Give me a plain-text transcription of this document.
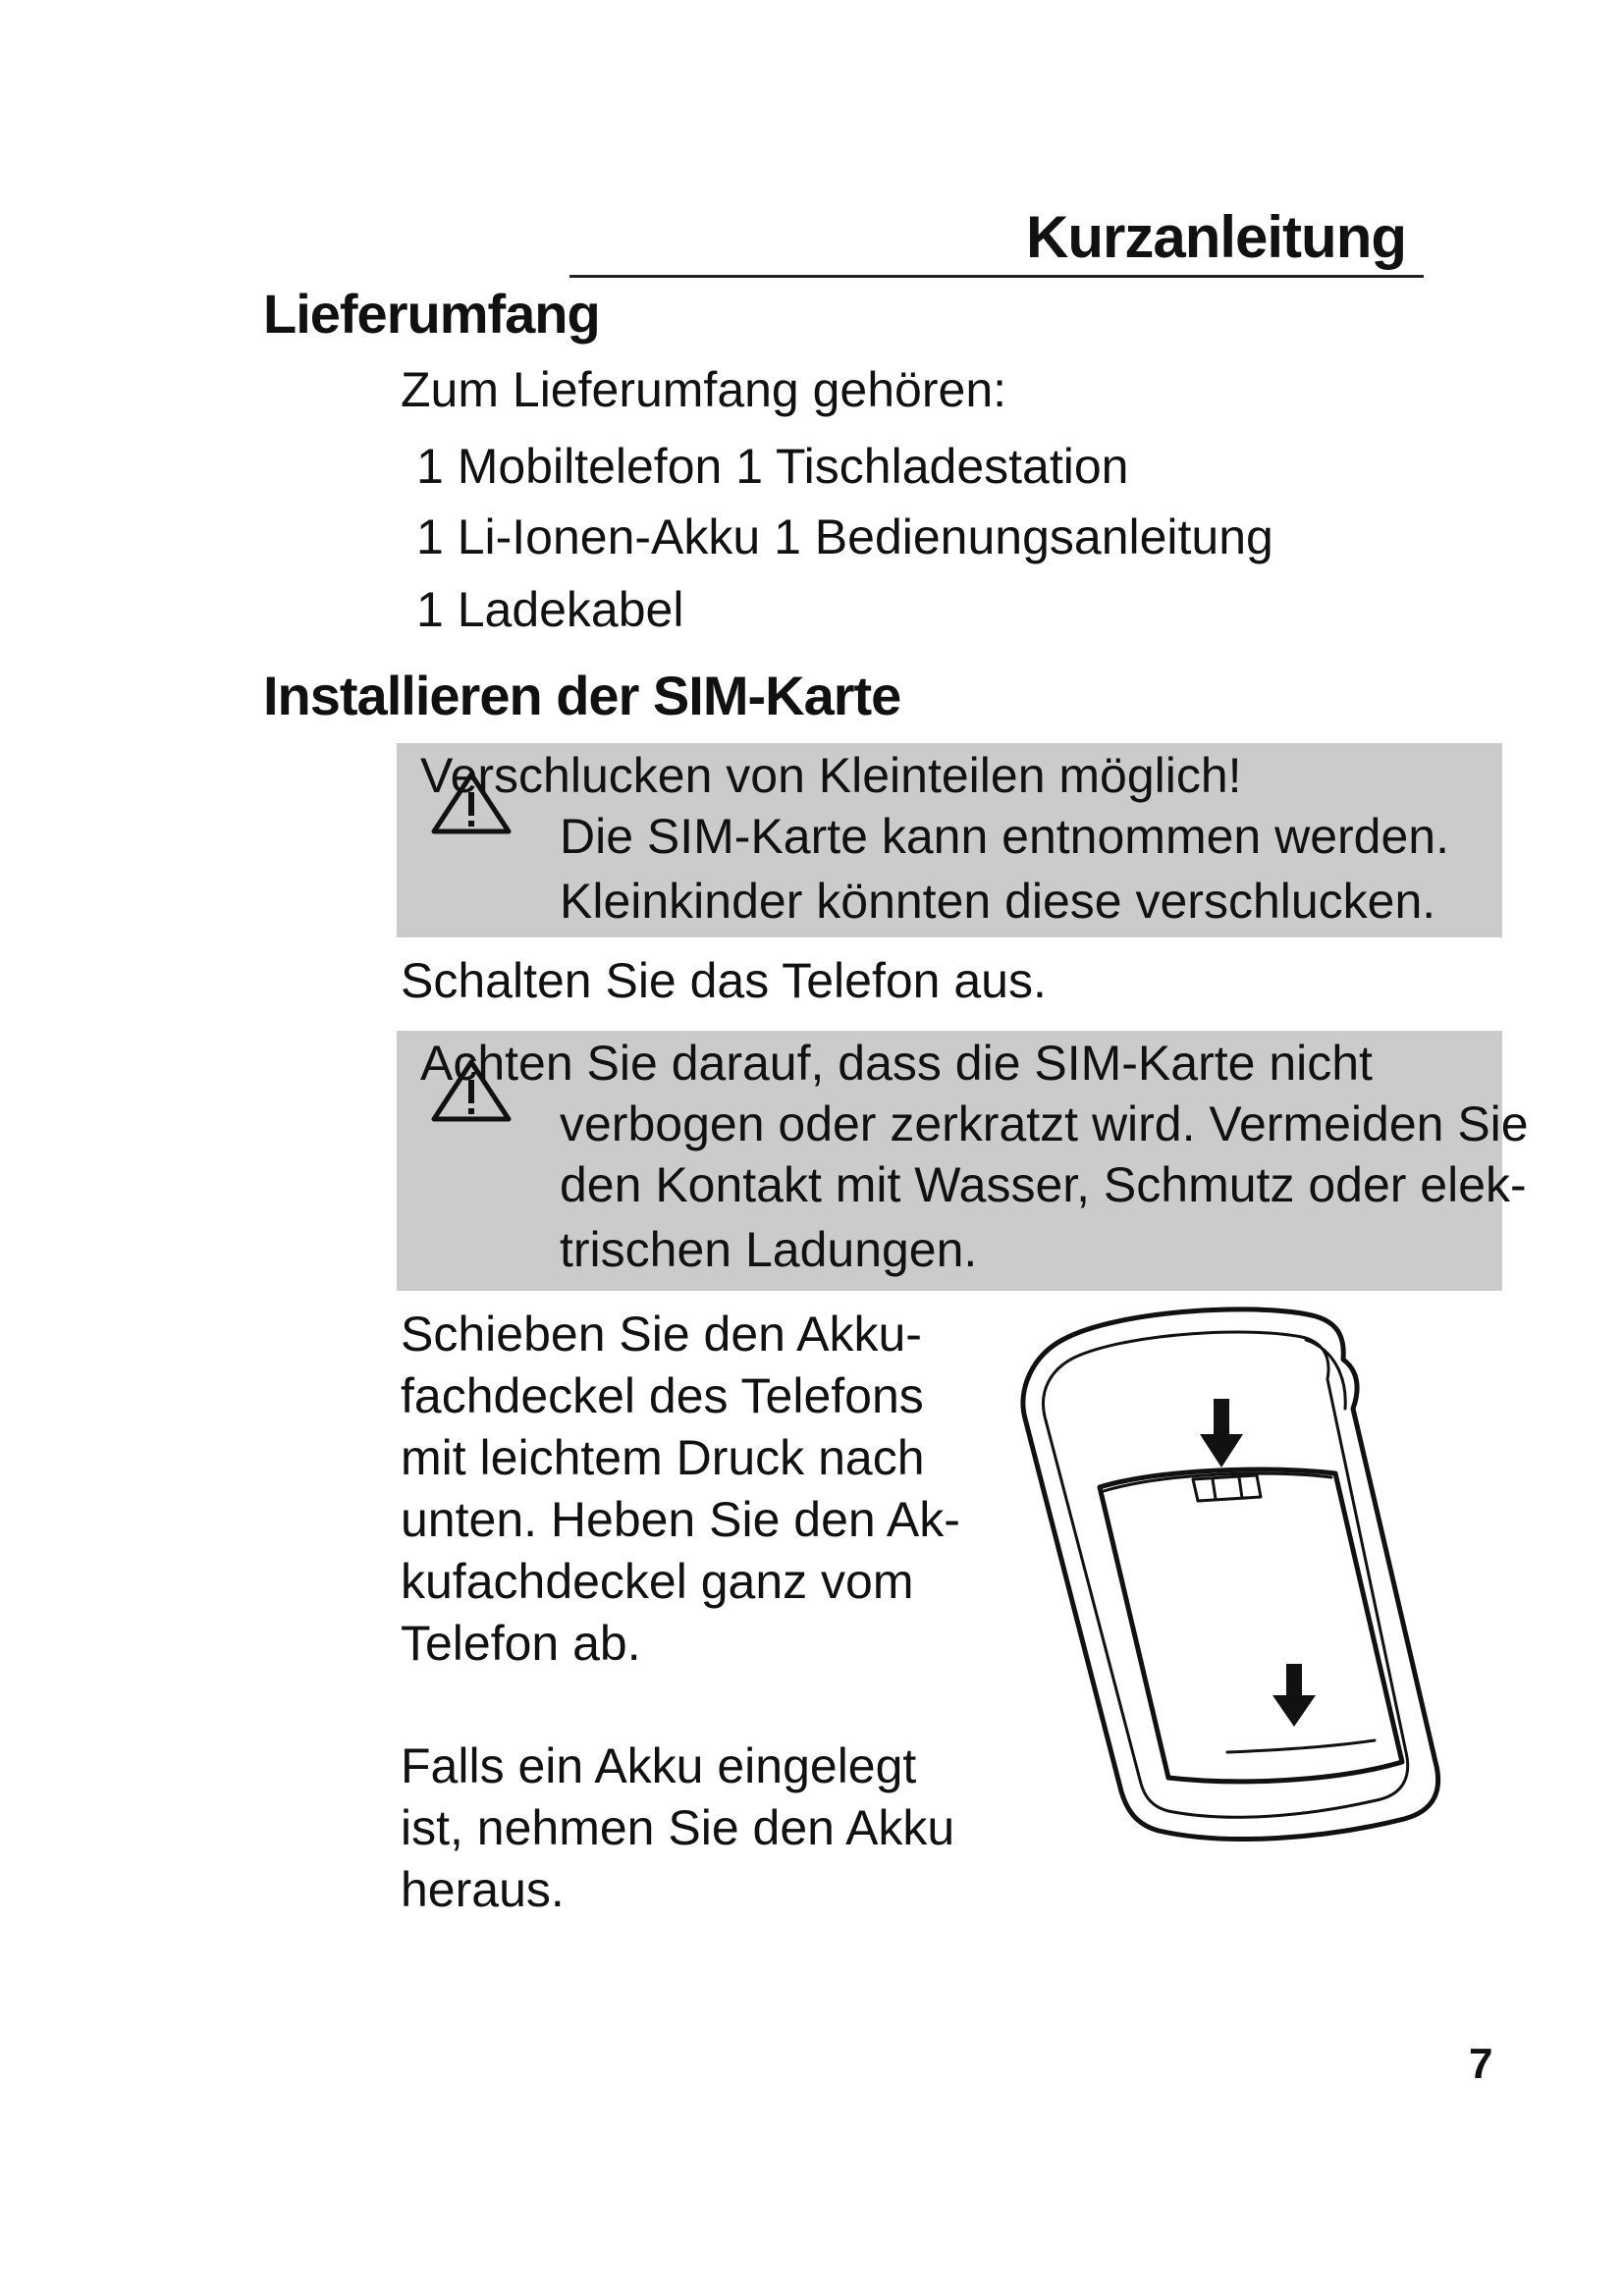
Kurzanleitung
Lieferumfang
Zum Lieferumfang gehören:
1 Mobiltelefon 1 Tischladestation
1 Li-Ionen-Akku 1 Bedienungsanleitung
1 Ladekabel
Installieren der SIM-Karte
Verschlucken von Kleinteilen möglich!
Die SIM-Karte kann entnommen werden.
Kleinkinder könnten diese verschlucken.
Schalten Sie das Telefon aus.
Achten Sie darauf, dass die SIM-Karte nicht
verbogen oder zerkratzt wird. Vermeiden Sie
den Kontakt mit Wasser, Schmutz oder elek-
trischen Ladungen.
Schieben Sie den Akku-
fachdeckel des Telefons
mit leichtem Druck nach
unten. Heben Sie den Ak-
kufachdeckel ganz vom
Telefon ab.
Falls ein Akku eingelegt
ist, nehmen Sie den Akku
heraus.
7
